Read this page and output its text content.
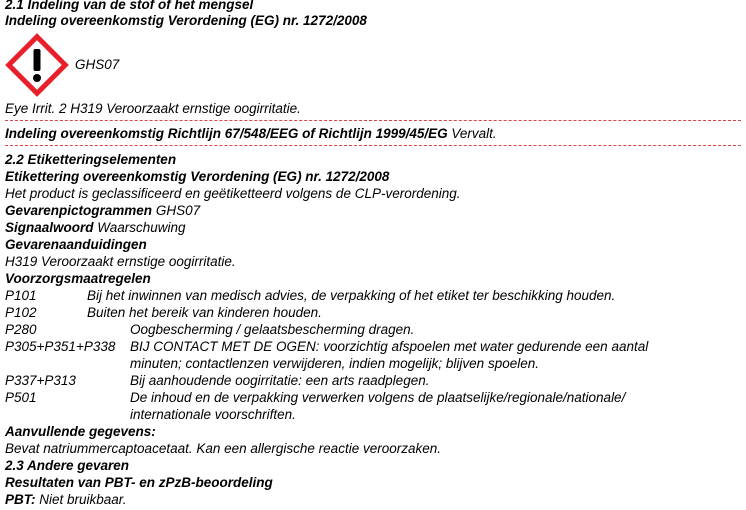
2.1 Indeling van de stof of het mengsel
Indeling overeenkomstig Verordening (EG) nr. 1272/2008
GHS07
Eye Irrit. 2 H319 Veroorzaakt ernstige oogirritatie.
Indeling overeenkomstig Richtlijn 67/548/EEG of Richtlijn 1999/45/EG Vervalt.
2.2 Etiketteringselementen
Etikettering overeenkomstig Verordening (EG) nr. 1272/2008
Het product is geclassificeerd en geëtiketteerd volgens de CLP-verordening.
Gevarenpictogrammen GHS07
Signaalwoord Waarschuwing
Gevarenaanduidingen
H319 Veroorzaakt ernstige oogirritatie.
Voorzorgsmaatregelen
P101	Bij het inwinnen van medisch advies, de verpakking of het etiket ter beschikking houden.
P102	Buiten het bereik van kinderen houden.
P280	Oogbescherming / gelaatsbescherming dragen.
P305+P351+P338 BIJ CONTACT MET DE OGEN: voorzichtig afspoelen met water gedurende een aantal
minuten; contactlenzen verwijderen, indien mogelijk; blijven spoelen.
P337+P313	Bij aanhoudende oogirritatie: een arts raadplegen.
P501	De inhoud en de verpakking verwerken volgens de plaatselijke/regionale/nationale/
internationale voorschriften.
Aanvullende gegevens:
Bevat natriummercaptoacetaat. Kan een allergische reactie veroorzaken.
2.3 Andere gevaren
Resultaten van PBT- en zPzB-beoordeling
PBT: Niet bruikbaar.
